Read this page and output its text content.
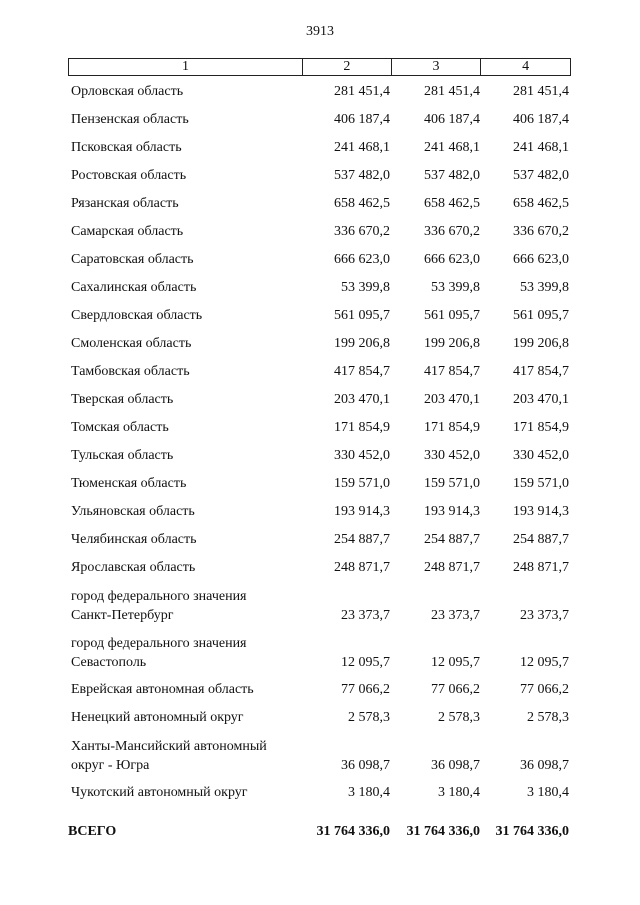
3913
1	2	3	4
Орловская область	281 451,4	281 451,4	281 451,4
Пензенская область	406 187,4	406 187,4	406 187,4
Псковская область	241 468,1	241 468,1	241 468,1
Ростовская область	537 482,0	537 482,0	537 482,0
Рязанская область	658 462,5	658 462,5	658 462,5
Самарская область	336 670,2	336 670,2	336 670,2
Саратовская область	666 623,0	666 623,0	666 623,0
Сахалинская область	53 399,8	53 399,8	53 399,8
Свердловская область	561 095,7	561 095,7	561 095,7
Смоленская область	199 206,8	199 206,8	199 206,8
Тамбовская область	417 854,7	417 854,7	417 854,7
Тверская область	203 470,1	203 470,1	203 470,1
Томская область	171 854,9	171 854,9	171 854,9
Тульская область	330 452,0	330 452,0	330 452,0
Тюменская область	159 571,0	159 571,0	159 571,0
Ульяновская область	193 914,3	193 914,3	193 914,3
Челябинская область	254 887,7	254 887,7	254 887,7
Ярославская область	248 871,7	248 871,7	248 871,7
город федерального значения
Санкт-Петербург	23 373,7	23 373,7	23 373,7
город федерального значения
Севастополь	12 095,7	12 095,7	12 095,7
Еврейская автономная область	77 066,2	77 066,2	77 066,2
Ненецкий автономный округ	2 578,3	2 578,3	2 578,3
Ханты-Мансийский автономный
округ - Югра	36 098,7	36 098,7	36 098,7
Чукотский автономный округ	3 180,4	3 180,4	3 180,4
ВСЕГО	31 764 336,0	31 764 336,0	31 764 336,0
